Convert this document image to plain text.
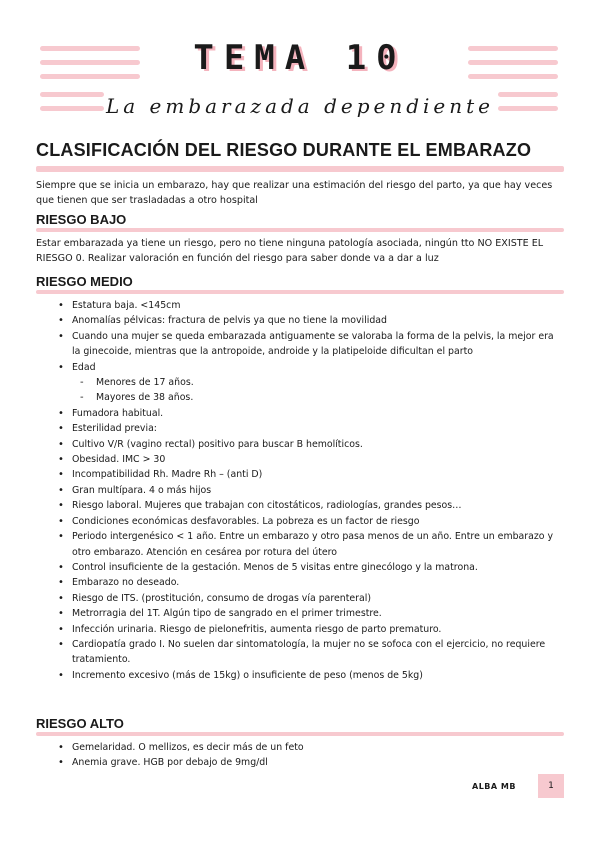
TEMA 10
La embarazada dependiente
CLASIFICACIÓN DEL RIESGO DURANTE EL EMBARAZO
Siempre que se inicia un embarazo, hay que realizar una estimación del riesgo del parto, ya que hay veces que tienen que ser trasladadas a otro hospital
RIESGO BAJO
Estar embarazada ya tiene un riesgo, pero no tiene ninguna patología asociada, ningún tto NO EXISTE EL RIESGO 0. Realizar valoración en función del riesgo para saber donde va a dar a luz
RIESGO MEDIO
• Estatura baja. <145cm
• Anomalías pélvicas: fractura de pelvis ya que no tiene la movilidad
• Cuando una mujer se queda embarazada antiguamente se valoraba la forma de la pelvis, la mejor era la ginecoide, mientras que la antropoide, androide y la platipeloide dificultan el parto
• Edad
- Menores de 17 años.
- Mayores de 38 años.
• Fumadora habitual.
• Esterilidad previa:
• Cultivo V/R (vagino rectal) positivo para buscar B hemolíticos.
• Obesidad. IMC > 30
• Incompatibilidad Rh. Madre Rh – (anti D)
• Gran multípara. 4 o más hijos
• Riesgo laboral. Mujeres que trabajan con citostáticos, radiologías, grandes pesos…
• Condiciones económicas desfavorables. La pobreza es un factor de riesgo
• Periodo intergenésico < 1 año. Entre un embarazo y otro pasa menos de un año. Entre un embarazo y otro embarazo. Atención en cesárea por rotura del útero
• Control insuficiente de la gestación. Menos de 5 visitas entre ginecólogo y la matrona.
• Embarazo no deseado.
• Riesgo de ITS. (prostitución, consumo de drogas vía parenteral)
• Metrorragia del 1T. Algún tipo de sangrado en el primer trimestre.
• Infección urinaria. Riesgo de pielonefritis, aumenta riesgo de parto prematuro.
• Cardiopatía grado I. No suelen dar sintomatología, la mujer no se sofoca con el ejercicio, no requiere tratamiento.
• Incremento excesivo (más de 15kg) o insuficiente de peso (menos de 5kg)
RIESGO ALTO
• Gemelaridad. O mellizos, es decir más de un feto
• Anemia grave. HGB por debajo de 9mg/dl
ALBA MB	1
